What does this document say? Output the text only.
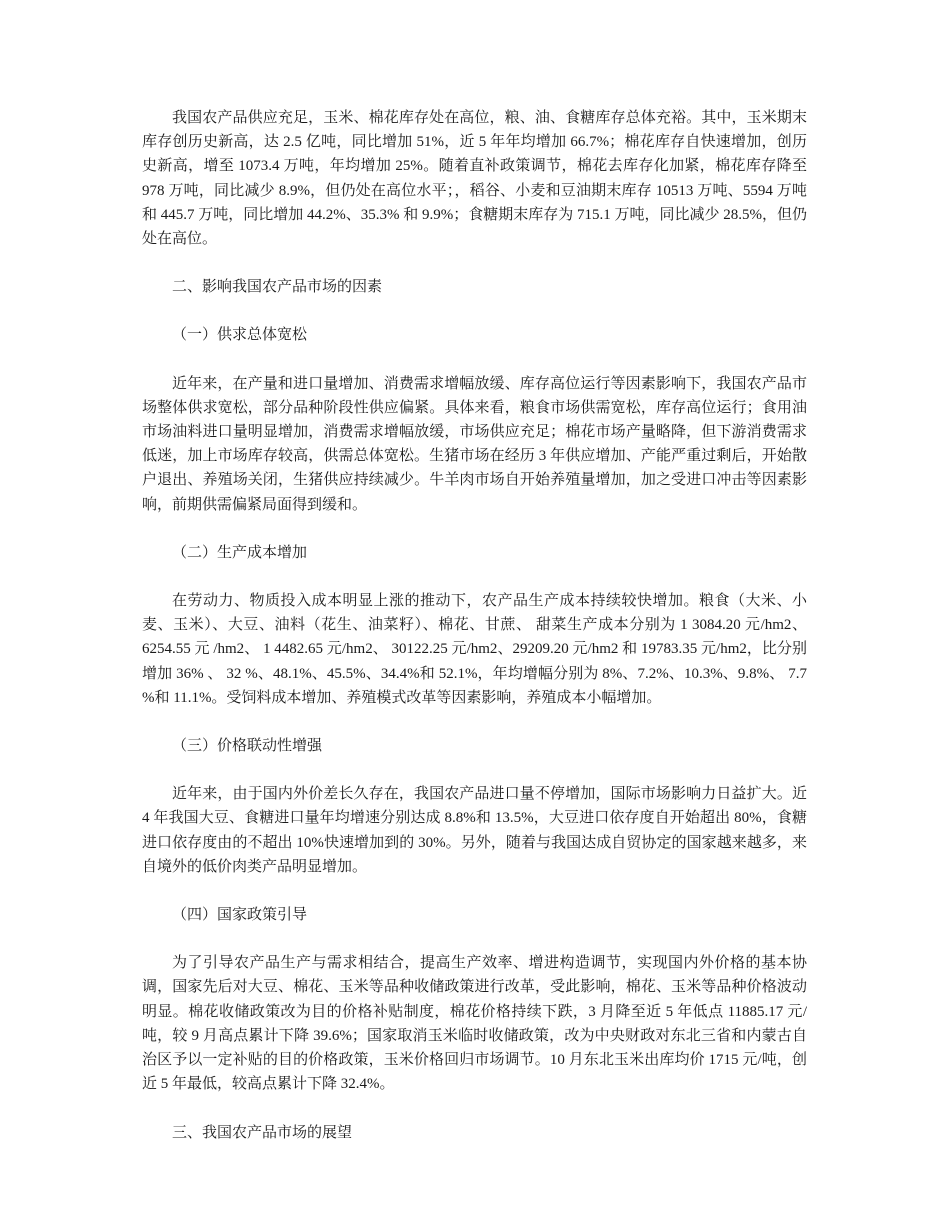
我国农产品供应充足，玉米、棉花库存处在高位，粮、油、食糖库存总体充裕。其中，玉米期末库存创历史新高，达 2.5 亿吨，同比增加 51%，近 5 年年均增加 66.7%；棉花库存自快速增加，创历史新高，增至 1073.4 万吨，年均增加 25%。随着直补政策调节，棉花去库存化加紧，棉花库存降至 978 万吨，同比减少 8.9%，但仍处在高位水平；，稻谷、小麦和豆油期末库存 10513 万吨、5594 万吨和 445.7 万吨，同比增加 44.2%、35.3% 和 9.9%；食糖期末库存为 715.1 万吨，同比减少 28.5%，但仍处在高位。

二、影响我国农产品市场的因素

（一）供求总体宽松

近年来，在产量和进口量增加、消费需求增幅放缓、库存高位运行等因素影响下，我国农产品市场整体供求宽松，部分品种阶段性供应偏紧。具体来看，粮食市场供需宽松，库存高位运行；食用油市场油料进口量明显增加，消费需求增幅放缓，市场供应充足；棉花市场产量略降，但下游消费需求低迷，加上市场库存较高，供需总体宽松。生猪市场在经历 3 年供应增加、产能严重过剩后，开始散户退出、养殖场关闭，生猪供应持续减少。牛羊肉市场自开始养殖量增加，加之受进口冲击等因素影响，前期供需偏紧局面得到缓和。

（二）生产成本增加

在劳动力、物质投入成本明显上涨的推动下，农产品生产成本持续较快增加。粮食（大米、小麦、玉米）、大豆、油料（花生、油菜籽）、棉花、甘蔗、 甜菜生产成本分别为 1 3084.20 元/hm2、6254.55 元 /hm2、 1 4482.65 元/hm2、 30122.25 元/hm2、29209.20 元/hm2 和 19783.35 元/hm2，比分别增加 36% 、 32 %、48.1%、45.5%、34.4%和 52.1%，年均增幅分别为 8%、7.2%、10.3%、9.8%、 7.7 %和 11.1%。受饲料成本增加、养殖模式改革等因素影响，养殖成本小幅增加。

（三）价格联动性增强

近年来，由于国内外价差长久存在，我国农产品进口量不停增加，国际市场影响力日益扩大。近 4 年我国大豆、食糖进口量年均增速分别达成 8.8%和 13.5%，大豆进口依存度自开始超出 80%，食糖进口依存度由的不超出 10%快速增加到的 30%。另外，随着与我国达成自贸协定的国家越来越多，来自境外的低价肉类产品明显增加。

（四）国家政策引导

为了引导农产品生产与需求相结合，提高生产效率、增进构造调节，实现国内外价格的基本协调，国家先后对大豆、棉花、玉米等品种收储政策进行改革，受此影响，棉花、玉米等品种价格波动明显。棉花收储政策改为目的价格补贴制度，棉花价格持续下跌，3 月降至近 5 年低点 11885.17 元/吨，较 9 月高点累计下降 39.6%；国家取消玉米临时收储政策，改为中央财政对东北三省和内蒙古自治区予以一定补贴的目的价格政策，玉米价格回归市场调节。10 月东北玉米出库均价 1715 元/吨，创近 5 年最低，较高点累计下降 32.4%。

三、我国农产品市场的展望
